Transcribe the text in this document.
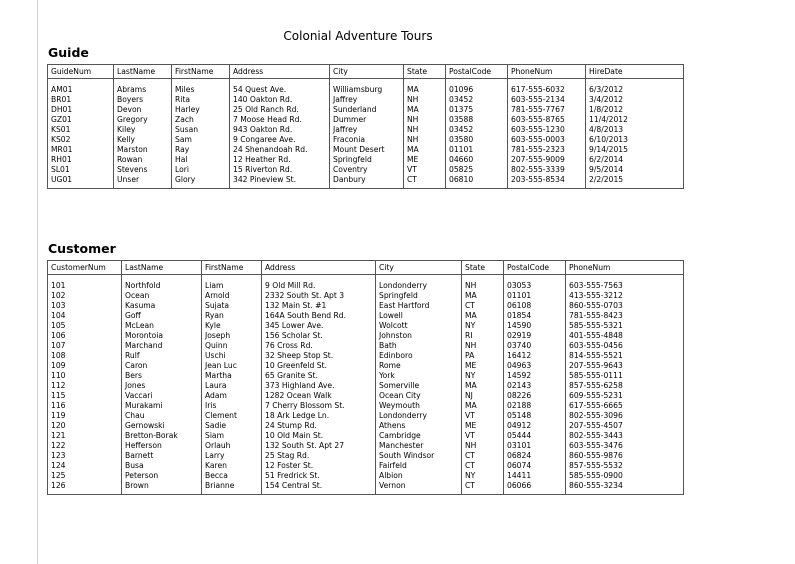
Colonial Adventure Tours
Guide
GuideNum	LastName	FirstName	Address	City	State	PostalCode	PhoneNum	HireDate
AM01	Abrams	Miles	54 Quest Ave.	Williamsburg	MA	01096	617-555-6032	6/3/2012
BR01	Boyers	Rita	140 Oakton Rd.	Jaffrey	NH	03452	603-555-2134	3/4/2012
DH01	Devon	Harley	25 Old Ranch Rd.	Sunderland	MA	01375	781-555-7767	1/8/2012
GZ01	Gregory	Zach	7 Moose Head Rd.	Dummer	NH	03588	603-555-8765	11/4/2012
KS01	Kiley	Susan	943 Oakton Rd.	Jaffrey	NH	03452	603-555-1230	4/8/2013
KS02	Kelly	Sam	9 Congaree Ave.	Fraconia	NH	03580	603-555-0003	6/10/2013
MR01	Marston	Ray	24 Shenandoah Rd.	Mount Desert	MA	01101	781-555-2323	9/14/2015
RH01	Rowan	Hal	12 Heather Rd.	Springfeld	ME	04660	207-555-9009	6/2/2014
SL01	Stevens	Lori	15 Riverton Rd.	Coventry	VT	05825	802-555-3339	9/5/2014
UG01	Unser	Glory	342 Pineview St.	Danbury	CT	06810	203-555-8534	2/2/2015
Customer
CustomerNum	LastName	FirstName	Address	City	State	PostalCode	PhoneNum
101	Northfold	Liam	9 Old Mill Rd.	Londonderry	NH	03053	603-555-7563
102	Ocean	Arnold	2332 South St. Apt 3	Springfeld	MA	01101	413-555-3212
103	Kasuma	Sujata	132 Main St. #1	East Hartford	CT	06108	860-555-0703
104	Goff	Ryan	164A South Bend Rd.	Lowell	MA	01854	781-555-8423
105	McLean	Kyle	345 Lower Ave.	Wolcott	NY	14590	585-555-5321
106	Morontoia	Joseph	156 Scholar St.	Johnston	RI	02919	401-555-4848
107	Marchand	Quinn	76 Cross Rd.	Bath	NH	03740	603-555-0456
108	Rulf	Uschi	32 Sheep Stop St.	Edinboro	PA	16412	814-555-5521
109	Caron	Jean Luc	10 Greenfeld St.	Rome	ME	04963	207-555-9643
110	Bers	Martha	65 Granite St.	York	NY	14592	585-555-0111
112	Jones	Laura	373 Highland Ave.	Somerville	MA	02143	857-555-6258
115	Vaccari	Adam	1282 Ocean Walk	Ocean City	NJ	08226	609-555-5231
116	Murakami	Iris	7 Cherry Blossom St.	Weymouth	MA	02188	617-555-6665
119	Chau	Clement	18 Ark Ledge Ln.	Londonderry	VT	05148	802-555-3096
120	Gernowski	Sadie	24 Stump Rd.	Athens	ME	04912	207-555-4507
121	Bretton-Borak	Siam	10 Old Main St.	Cambridge	VT	05444	802-555-3443
122	Hefferson	Orlauh	132 South St. Apt 27	Manchester	NH	03101	603-555-3476
123	Barnett	Larry	25 Stag Rd.	South Windsor	CT	06824	860-555-9876
124	Busa	Karen	12 Foster St.	Fairfeld	CT	06074	857-555-5532
125	Peterson	Becca	51 Fredrick St.	Albion	NY	14411	585-555-0900
126	Brown	Brianne	154 Central St.	Vernon	CT	06066	860-555-3234
